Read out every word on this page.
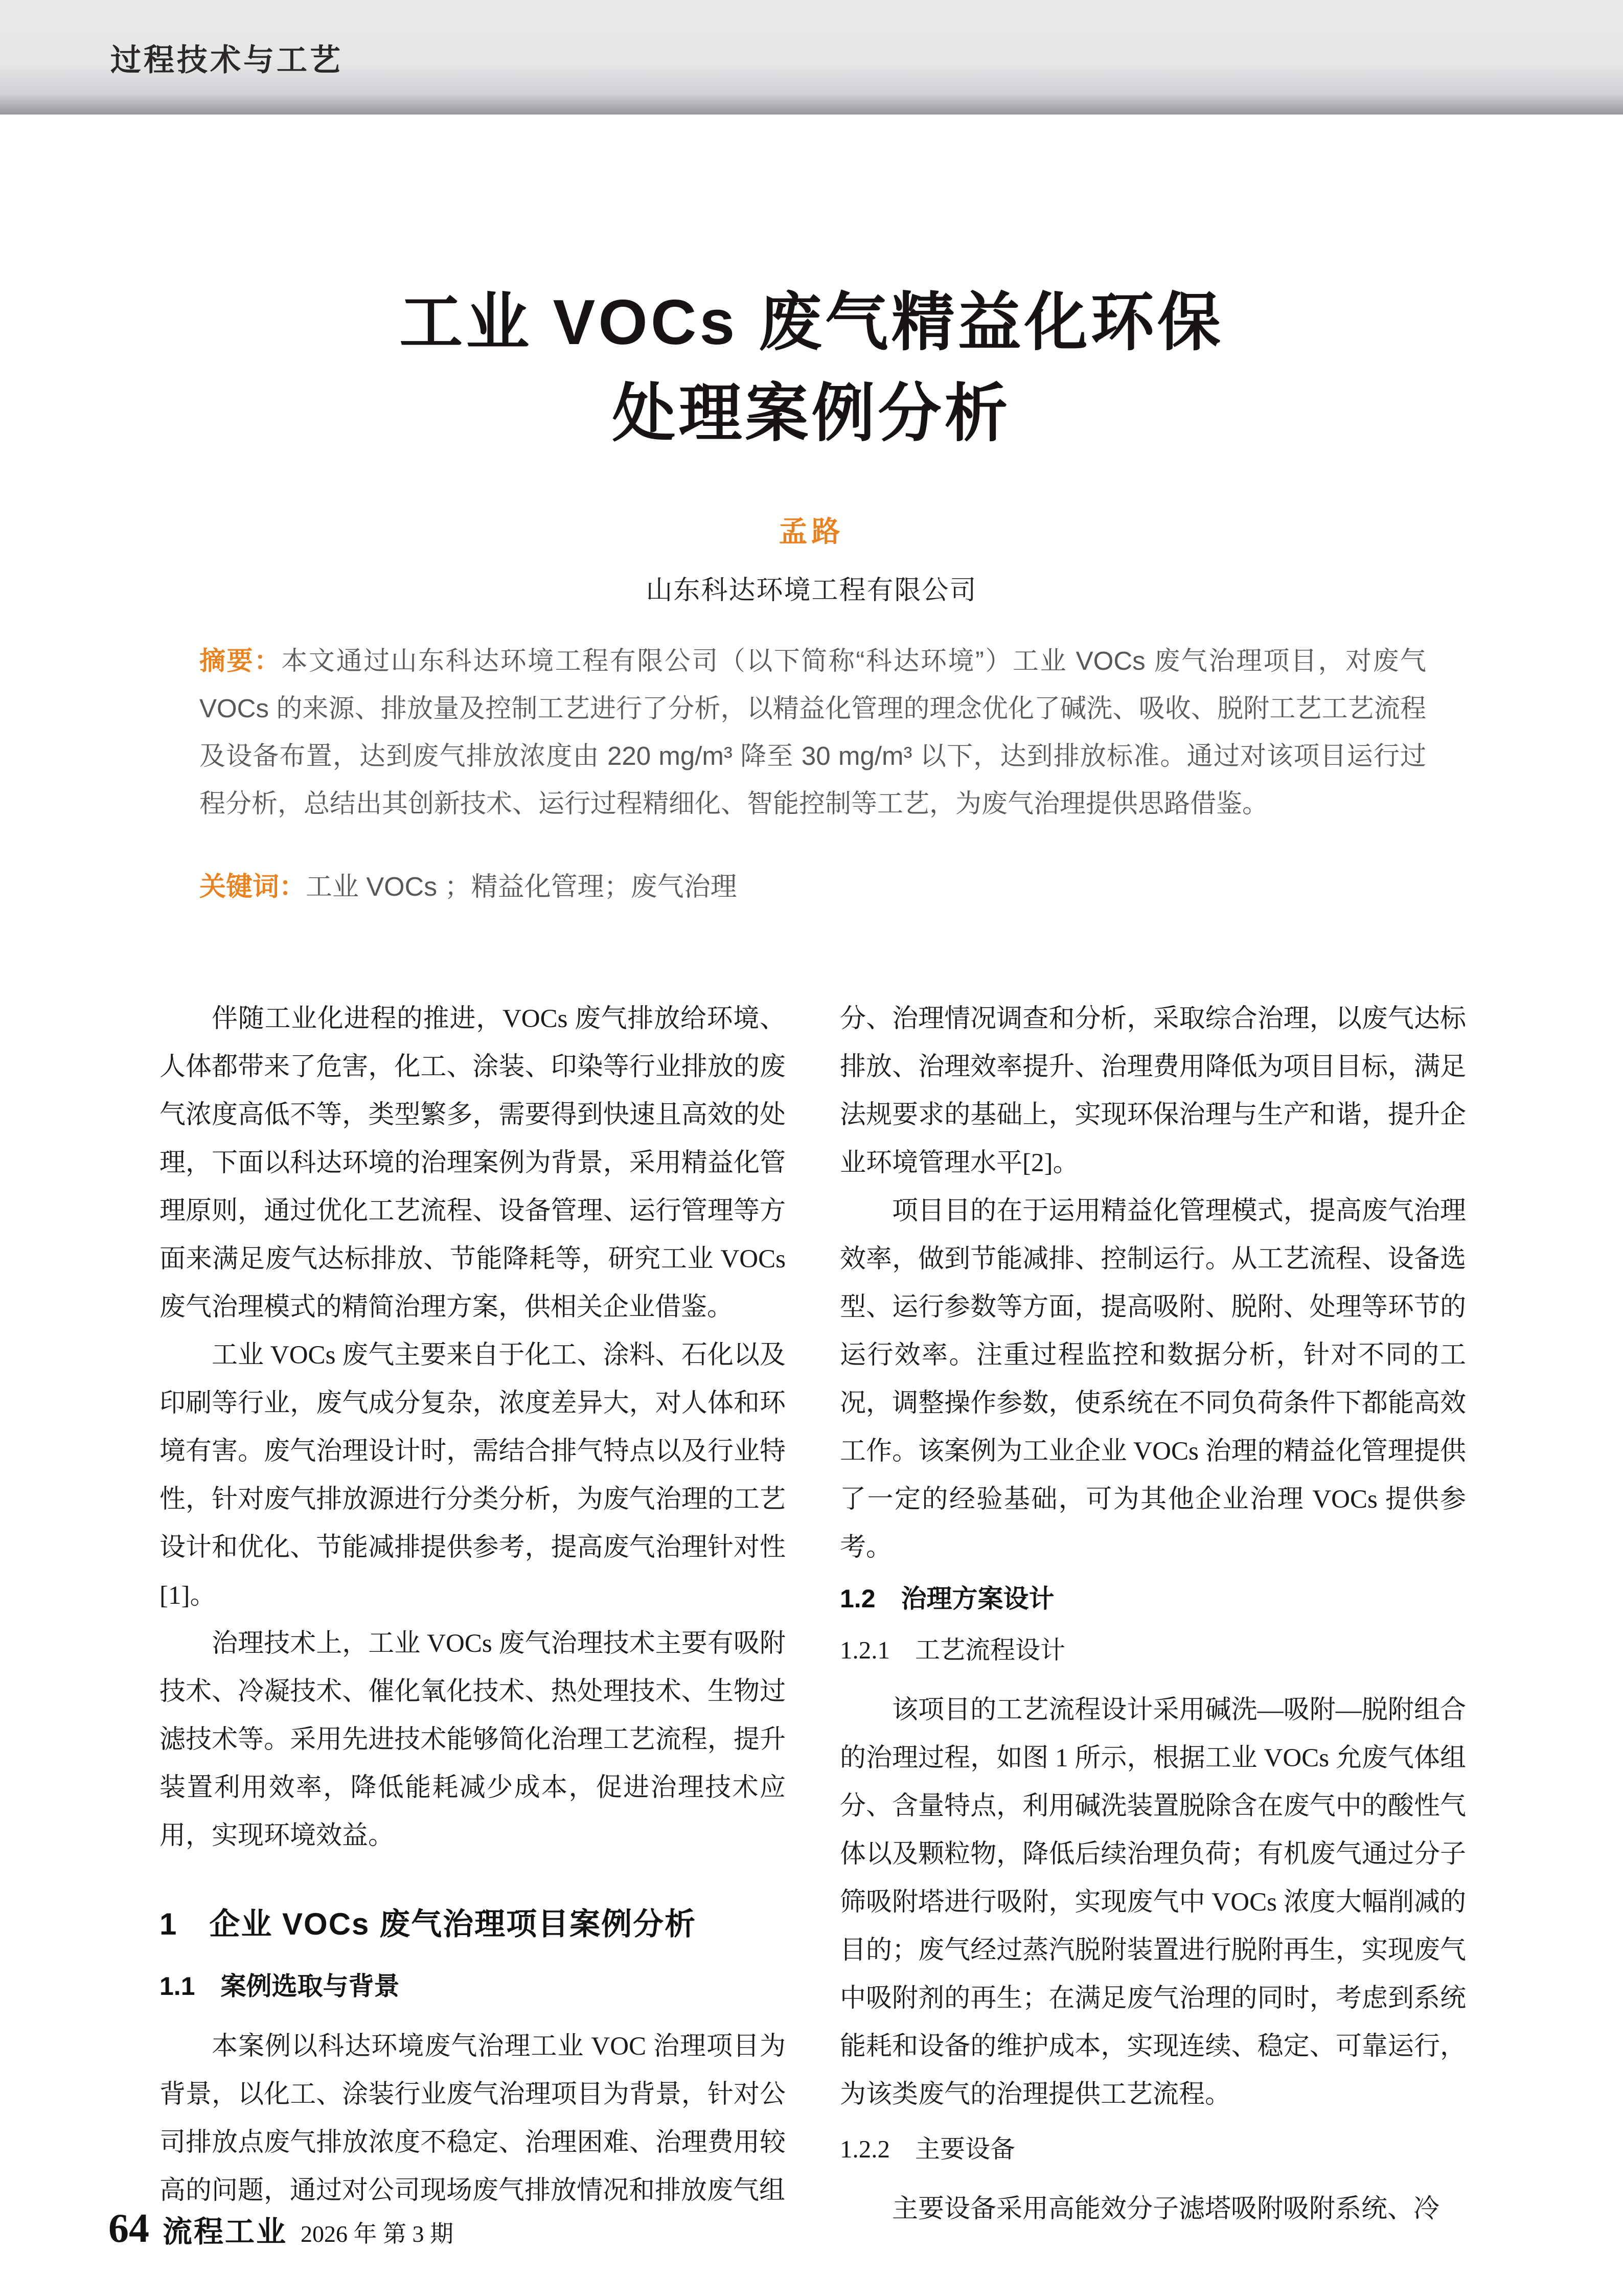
过程技术与工艺
工业 VOCs 废气精益化环保
处理案例分析
孟路
山东科达环境工程有限公司
摘要：本文通过山东科达环境工程有限公司（以下简称“科达环境”）工业 VOCs 废气治理项目，对废气 VOCs 的来源、排放量及控制工艺进行了分析，以精益化管理的理念优化了碱洗、吸收、脱附工艺工艺流程及设备布置，达到废气排放浓度由 220 mg/m³ 降至 30 mg/m³ 以下，达到排放标准。通过对该项目运行过程分析，总结出其创新技术、运行过程精细化、智能控制等工艺，为废气治理提供思路借鉴。
关键词：工业 VOCs ；精益化管理；废气治理

伴随工业化进程的推进，VOCs 废气排放给环境、人体都带来了危害，化工、涂装、印染等行业排放的废气浓度高低不等，类型繁多，需要得到快速且高效的处理，下面以科达环境的治理案例为背景，采用精益化管理原则，通过优化工艺流程、设备管理、运行管理等方面来满足废气达标排放、节能降耗等，研究工业 VOCs 废气治理模式的精简治理方案，供相关企业借鉴。

工业 VOCs 废气主要来自于化工、涂料、石化以及印刷等行业，废气成分复杂，浓度差异大，对人体和环境有害。废气治理设计时，需结合排气特点以及行业特性，针对废气排放源进行分类分析，为废气治理的工艺设计和优化、节能减排提供参考，提高废气治理针对性[1]。

治理技术上，工业 VOCs 废气治理技术主要有吸附技术、冷凝技术、催化氧化技术、热处理技术、生物过滤技术等。采用先进技术能够简化治理工艺流程，提升装置利用效率，降低能耗减少成本，促进治理技术应用，实现环境效益。

1　企业 VOCs 废气治理项目案例分析
1.1　案例选取与背景

本案例以科达环境废气治理工业 VOC 治理项目为背景，以化工、涂装行业废气治理项目为背景，针对公司排放点废气排放浓度不稳定、治理困难、治理费用较高的问题，通过对公司现场废气排放情况和排放废气组

分、治理情况调查和分析，采取综合治理，以废气达标排放、治理效率提升、治理费用降低为项目目标，满足法规要求的基础上，实现环保治理与生产和谐，提升企业环境管理水平[2]。

项目目的在于运用精益化管理模式，提高废气治理效率，做到节能减排、控制运行。从工艺流程、设备选型、运行参数等方面，提高吸附、脱附、处理等环节的运行效率。注重过程监控和数据分析，针对不同的工况，调整操作参数，使系统在不同负荷条件下都能高效工作。该案例为工业企业 VOCs 治理的精益化管理提供了一定的经验基础，可为其他企业治理 VOCs 提供参考。

1.2　治理方案设计
1.2.1　工艺流程设计

该项目的工艺流程设计采用碱洗—吸附—脱附组合的治理过程，如图 1 所示，根据工业 VOCs 允废气体组分、含量特点，利用碱洗装置脱除含在废气中的酸性气体以及颗粒物，降低后续治理负荷；有机废气通过分子筛吸附塔进行吸附，实现废气中 VOCs 浓度大幅削减的目的；废气经过蒸汽脱附装置进行脱附再生，实现废气中吸附剂的再生；在满足废气治理的同时，考虑到系统能耗和设备的维护成本，实现连续、稳定、可靠运行，为该类废气的治理提供工艺流程。

1.2.2　主要设备

主要设备采用高能效分子滤塔吸附吸附系统、冷

64 流程工业 2026 年 第 3 期
